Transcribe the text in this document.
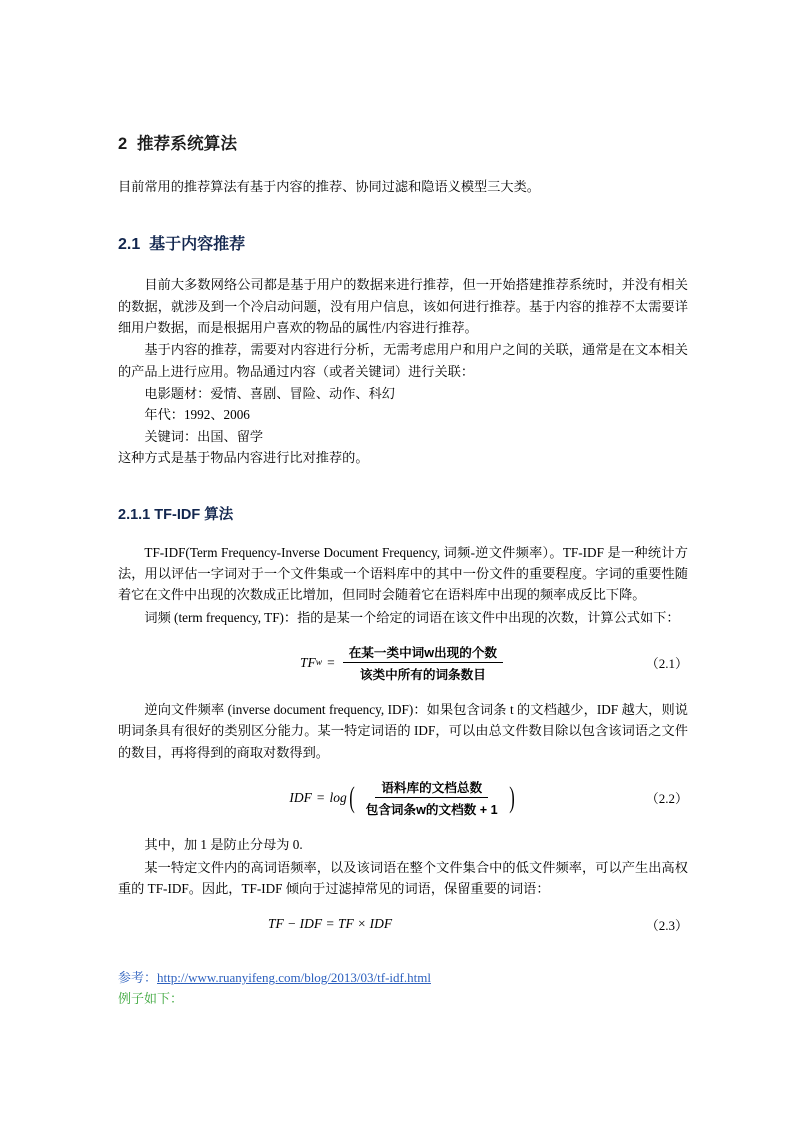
2 推荐系统算法

目前常用的推荐算法有基于内容的推荐、协同过滤和隐语义模型三大类。

2.1 基于内容推荐

目前大多数网络公司都是基于用户的数据来进行推荐，但一开始搭建推荐系统时，并没有相关的数据，就涉及到一个冷启动问题，没有用户信息，该如何进行推荐。基于内容的推荐不太需要详细用户数据，而是根据用户喜欢的物品的属性/内容进行推荐。

基于内容的推荐，需要对内容进行分析，无需考虑用户和用户之间的关联，通常是在文本相关的产品上进行应用。物品通过内容（或者关键词）进行关联：

电影题材：爱情、喜剧、冒险、动作、科幻

年代：1992、2006

关键词：出国、留学

这种方式是基于物品内容进行比对推荐的。

2.1.1 TF-IDF 算法

TF-IDF(Term Frequency-Inverse Document Frequency, 词频-逆文件频率）。TF-IDF 是一种统计方法，用以评估一字词对于一个文件集或一个语料库中的其中一份文件的重要程度。字词的重要性随着它在文件中出现的次数成正比增加，但同时会随着它在语料库中出现的频率成反比下降。

词频 (term frequency, TF)：指的是某一个给定的词语在该文件中出现的次数，计算公式如下：

TF $w = \frac{\text{在某一类中词w出现的个数}}{\text{该类中所有的词条数目}}$	（2.1）

逆向文件频率 (inverse document frequency, IDF)：如果包含词条 t 的文档越少，IDF 越大，则说明词条具有很好的类别区分能力。某一特定词语的 IDF，可以由总文件数目除以包含该词语之文件的数目，再将得到的商取对数得到。

IDF = log ( $\frac{\text{语料库的文档总数}}{\text{包含词条w的文档数 + 1}}$ )	（2.2）

其中，加 1 是防止分母为 0.

某一特定文件内的高词语频率，以及该词语在整个文件集合中的低文件频率，可以产生出高权重的 TF-IDF。因此，TF-IDF 倾向于过滤掉常见的词语，保留重要的词语：

TF − IDF = TF × IDF	（2.3）

参考：http://www.ruanyifeng.com/blog/2013/03/tf-idf.html

例子如下：
